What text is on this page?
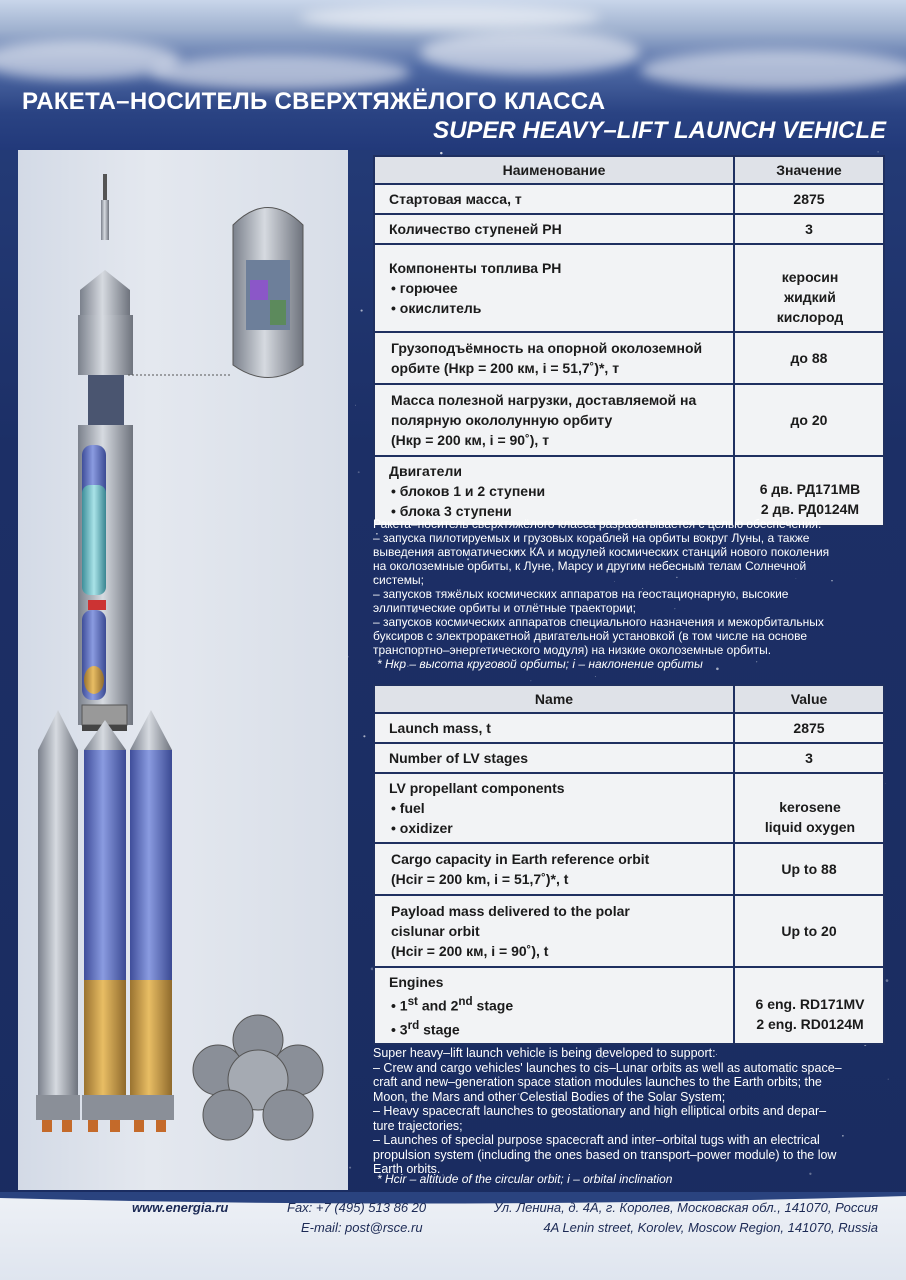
РАКЕТА–НОСИТЕЛЬ СВЕРХТЯЖЁЛОГО КЛАССА
SUPER HEAVY–LIFT LAUNCH VEHICLE
Наименование	Значение
Стартовая масса, т	2875
Количество ступеней РН	3
Компоненты топлива РН
• горючее
• окислитель	керосин
жидкий кислород

Грузоподъёмность на опорной околоземной
орбите (Нкр = 200 км, i = 51,7˚)*, т	до 88

Масса полезной нагрузки, доставляемой на
полярную окололунную орбиту
(Нкр = 200 км, i = 90˚), т	до 20
Двигатели
• блоков 1 и 2 ступени
• блока 3 ступени	6 дв. РД171МВ
2 дв. РД0124М
Ракета–носитель сверхтяжёлого класса разрабатывается с целью обеспечения:
– запуска пилотируемых и грузовых кораблей на орбиты вокруг Луны, а также
выведения автоматических КА и модулей космических станций нового поколения
на околоземные орбиты, к Луне, Марсу и другим небесным телам Солнечной
системы;
– запусков тяжёлых космических аппаратов на геостационарную, высокие
эллиптические орбиты и отлётные траектории;
– запусков космических аппаратов специального назначения и межорбитальных
буксиров с электроракетной двигательной установкой (в том числе на основе
транспортно–энергетического модуля) на низкие околоземные орбиты.
* Нкр – высота круговой орбиты; i – наклонение орбиты
Name	Value
Launch mass, t	2875
Number of LV stages	3
LV propellant components
• fuel
• oxidizer	kerosene
liquid oxygen

Cargo capacity in Earth reference orbit
(Hcir = 200 km, i = 51,7˚)*, t	Up to 88

Payload mass delivered to the polar
cislunar orbit
(Hcir = 200 км, i = 90˚), t	Up to 20
Engines
• 1st and 2nd stage
• 3rd stage	6 eng. RD171MV
2 eng. RD0124M
Super heavy–lift launch vehicle is being developed to support:
– Crew and cargo vehicles' launches to cis–Lunar orbits as well as automatic space–
craft and new–generation space station modules launches to the Earth orbits; the
Moon, the Mars and other Celestial Bodies of the Solar System;
– Heavy spacecraft launches to geostationary and high elliptical orbits and depar–
ture trajectories;
– Launches of special purpose spacecraft and inter–orbital tugs with an electrical
propulsion system (including the ones based on transport–power module) to the low
Earth orbits.
* Hcir – altitude of the circular orbit; i – orbital inclination
www.energia.ru	Fax: +7 (495) 513 86 20
E-mail: post@rsce.ru
Ул. Ленина, д. 4А, г. Королев, Московская обл., 141070, Россия
4A Lenin street, Korolev, Moscow Region, 141070, Russia
